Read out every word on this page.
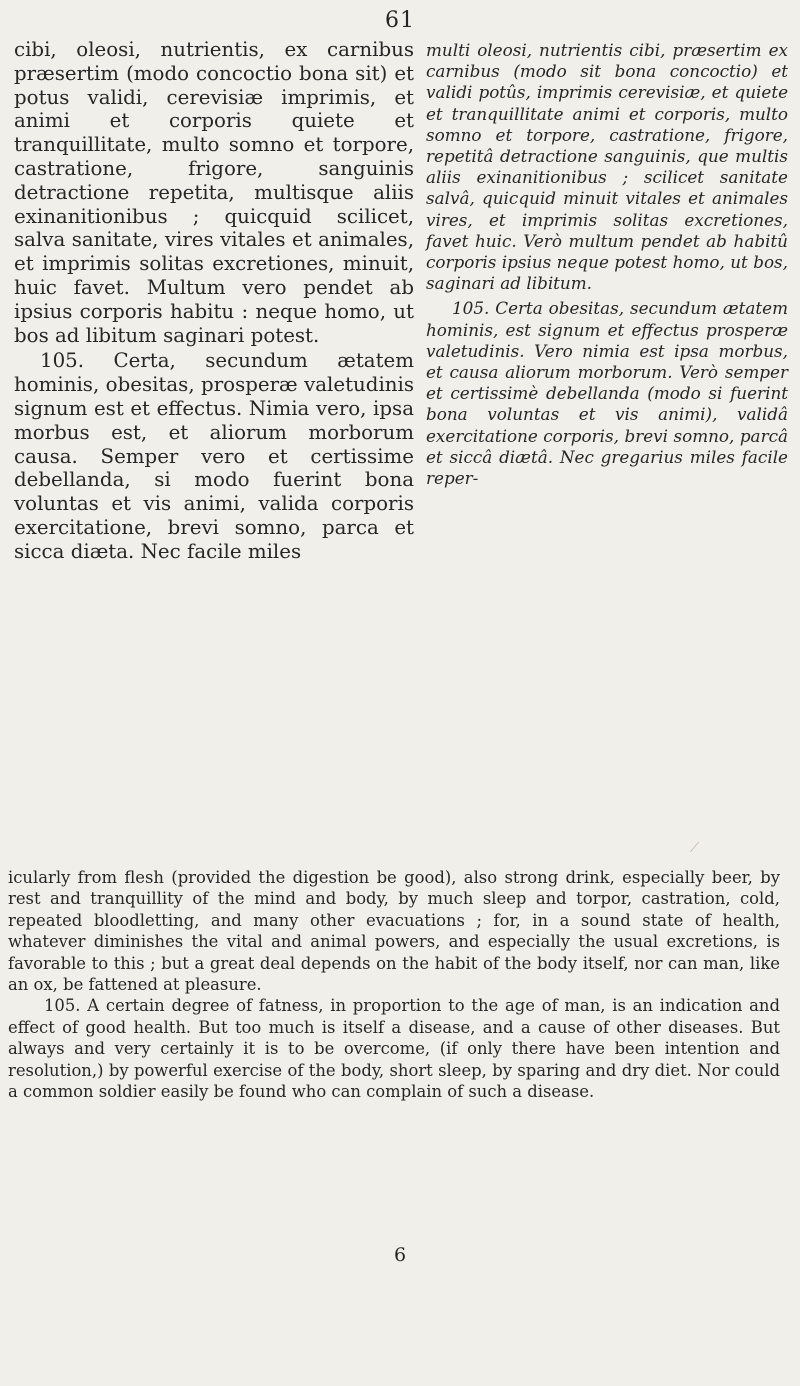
61

cibi, oleosi, nutrientis, ex carnibus præsertim (modo concoctio bona sit) et potus validi, cerevisiæ imprimis, et animi et corporis quiete et tranquillitate, multo somno et torpore, castratione, frigore, sanguinis detractione repetita, multisque aliis exinanitionibus ; quicquid scilicet, salva sanitate, vires vitales et animales, et imprimis solitas excretiones, minuit, huic favet. Multum vero pendet ab ipsius corporis habitu : neque homo, ut bos ad libitum saginari potest.

105. Certa, secundum ætatem hominis, obesitas, prosperæ valetudinis signum est et effectus. Nimia vero, ipsa morbus est, et aliorum morborum causa. Semper vero et certissime debellanda, si modo fuerint bona voluntas et vis animi, valida corporis exercitatione, brevi somno, parca et sicca diæta. Nec facile miles

multi oleosi, nutrientis cibi, præsertim ex carnibus (modo sit bona concoctio) et validi potûs, imprimis cerevisiæ, et quiete et tranquillitate animi et corporis, multo somno et torpore, castratione, frigore, repetitâ detractione sanguinis, que multis aliis exinanitionibus ; scilicet sanitate salvâ, quicquid minuit vitales et animales vires, et imprimis solitas excretiones, favet huic. Verò multum pendet ab habitû corporis ipsius neque potest homo, ut bos, saginari ad libitum.

105. Certa obesitas, secundum ætatem hominis, est signum et effectus prosperæ valetudinis. Vero nimia est ipsa morbus, et causa aliorum morborum. Verò semper et certissimè debellanda (modo si fuerint bona voluntas et vis animi), validâ exercitatione corporis, brevi somno, parcâ et siccâ diætâ. Nec gregarius miles facile reper-

icularly from flesh (provided the digestion be good), also strong drink, especially beer, by rest and tranquillity of the mind and body, by much sleep and torpor, castration, cold, repeated bloodletting, and many other evacuations ; for, in a sound state of health, whatever diminishes the vital and animal powers, and especially the usual excretions, is favorable to this ; but a great deal depends on the habit of the body itself, nor can man, like an ox, be fattened at pleasure.

105. A certain degree of fatness, in proportion to the age of man, is an indication and effect of good health. But too much is itself a disease, and a cause of other diseases. But always and very certainly it is to be overcome, (if only there have been intention and resolution,) by powerful exercise of the body, short sleep, by sparing and dry diet. Nor could a common soldier easily be found who can complain of such a disease.

6
